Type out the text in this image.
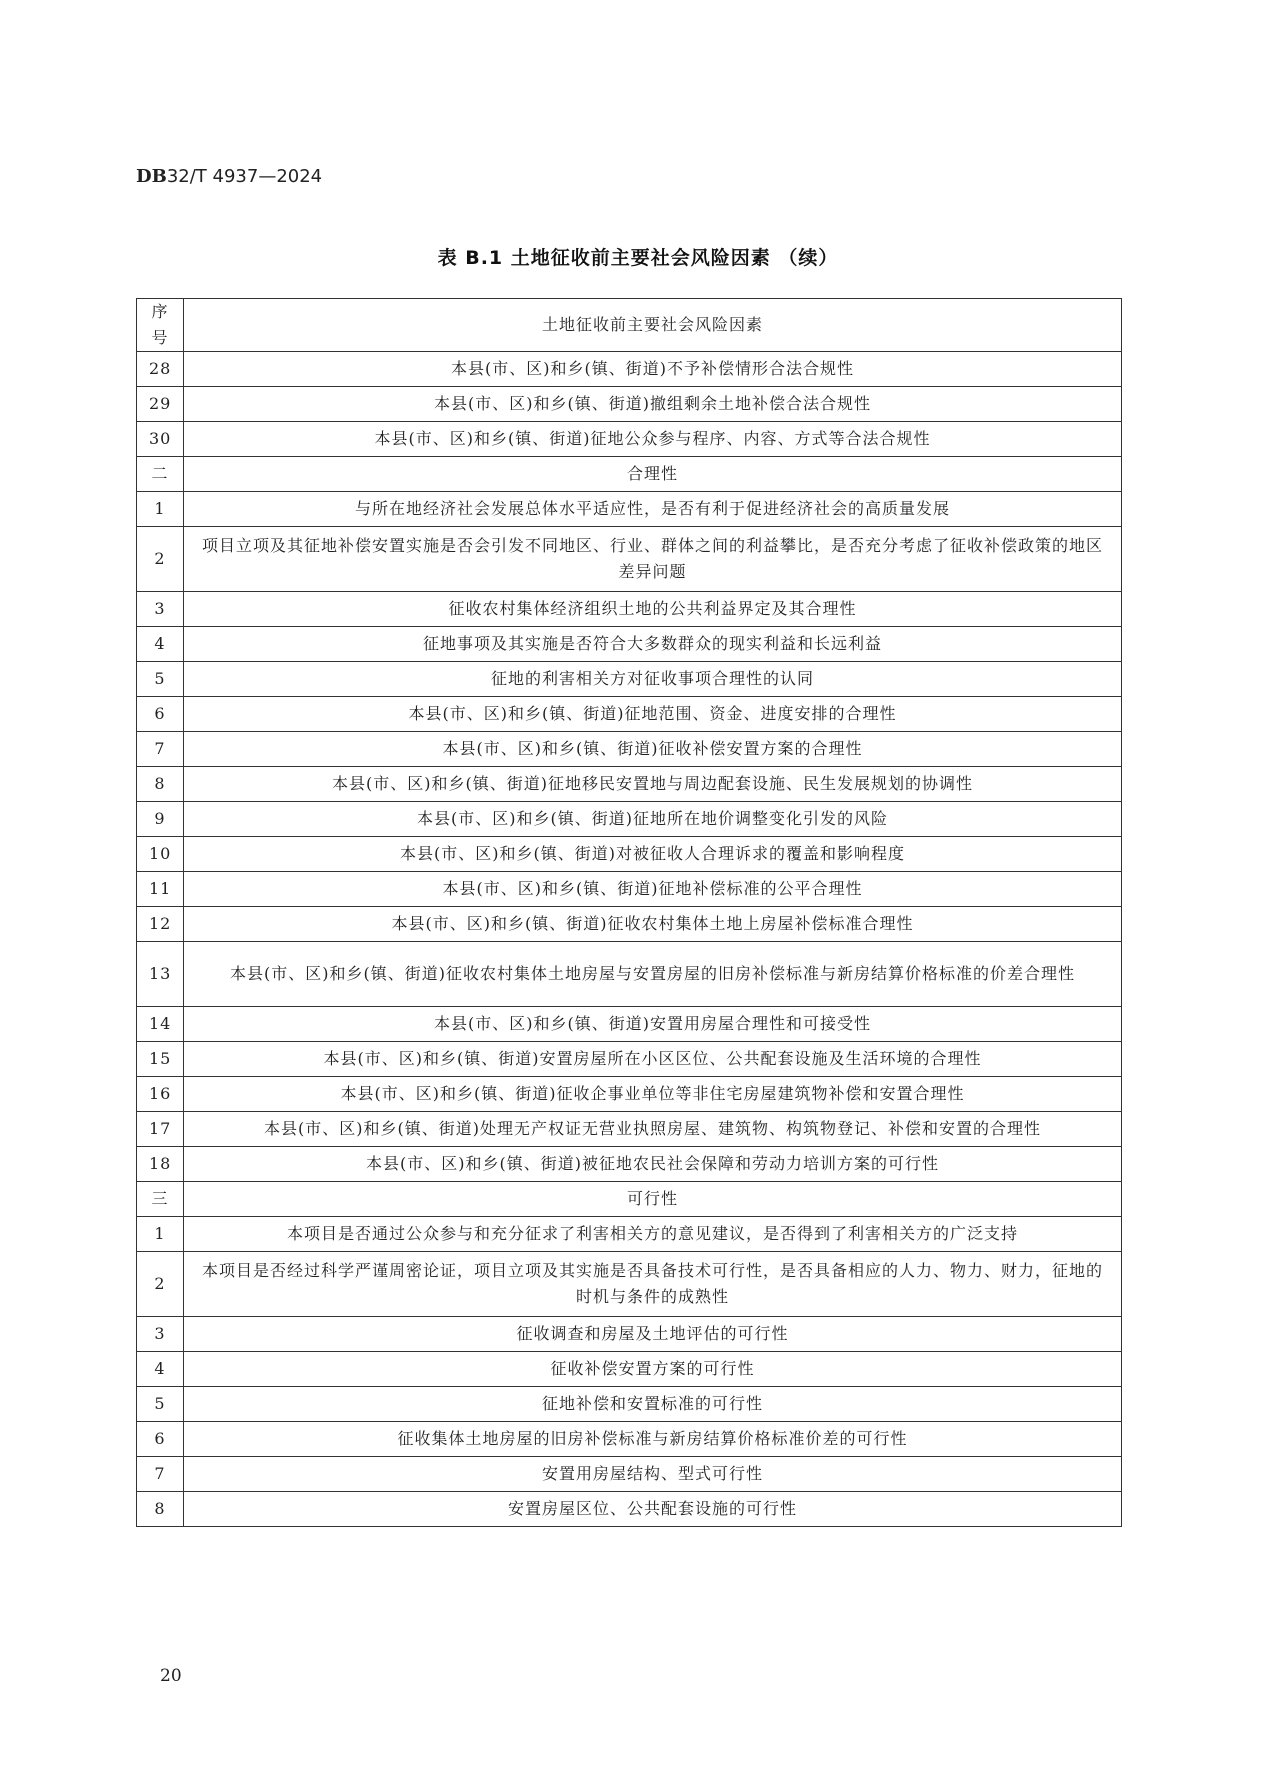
DB32/T 4937—2024
表 B.1 土地征收前主要社会风险因素 （续）
序号	土地征收前主要社会风险因素
28	本县(市、区)和乡(镇、街道)不予补偿情形合法合规性
29	本县(市、区)和乡(镇、街道)撤组剩余土地补偿合法合规性
30	本县(市、区)和乡(镇、街道)征地公众参与程序、内容、方式等合法合规性
二	合理性
1	与所在地经济社会发展总体水平适应性，是否有利于促进经济社会的高质量发展
2	项目立项及其征地补偿安置实施是否会引发不同地区、行业、群体之间的利益攀比，是否充分考虑了征收补偿政策的地区差异问题
3	征收农村集体经济组织土地的公共利益界定及其合理性
4	征地事项及其实施是否符合大多数群众的现实利益和长远利益
5	征地的利害相关方对征收事项合理性的认同
6	本县(市、区)和乡(镇、街道)征地范围、资金、进度安排的合理性
7	本县(市、区)和乡(镇、街道)征收补偿安置方案的合理性
8	本县(市、区)和乡(镇、街道)征地移民安置地与周边配套设施、民生发展规划的协调性
9	本县(市、区)和乡(镇、街道)征地所在地价调整变化引发的风险
10	本县(市、区)和乡(镇、街道)对被征收人合理诉求的覆盖和影响程度
11	本县(市、区)和乡(镇、街道)征地补偿标准的公平合理性
12	本县(市、区)和乡(镇、街道)征收农村集体土地上房屋补偿标准合理性
13	本县(市、区)和乡(镇、街道)征收农村集体土地房屋与安置房屋的旧房补偿标准与新房结算价格标准的价差合理性
14	本县(市、区)和乡(镇、街道)安置用房屋合理性和可接受性
15	本县(市、区)和乡(镇、街道)安置房屋所在小区区位、公共配套设施及生活环境的合理性
16	本县(市、区)和乡(镇、街道)征收企事业单位等非住宅房屋建筑物补偿和安置合理性
17	本县(市、区)和乡(镇、街道)处理无产权证无营业执照房屋、建筑物、构筑物登记、补偿和安置的合理性
18	本县(市、区)和乡(镇、街道)被征地农民社会保障和劳动力培训方案的可行性
三	可行性
1	本项目是否通过公众参与和充分征求了利害相关方的意见建议，是否得到了利害相关方的广泛支持
2	本项目是否经过科学严谨周密论证，项目立项及其实施是否具备技术可行性，是否具备相应的人力、物力、财力，征地的时机与条件的成熟性
3	征收调查和房屋及土地评估的可行性
4	征收补偿安置方案的可行性
5	征地补偿和安置标准的可行性
6	征收集体土地房屋的旧房补偿标准与新房结算价格标准价差的可行性
7	安置用房屋结构、型式可行性
8	安置房屋区位、公共配套设施的可行性
20
